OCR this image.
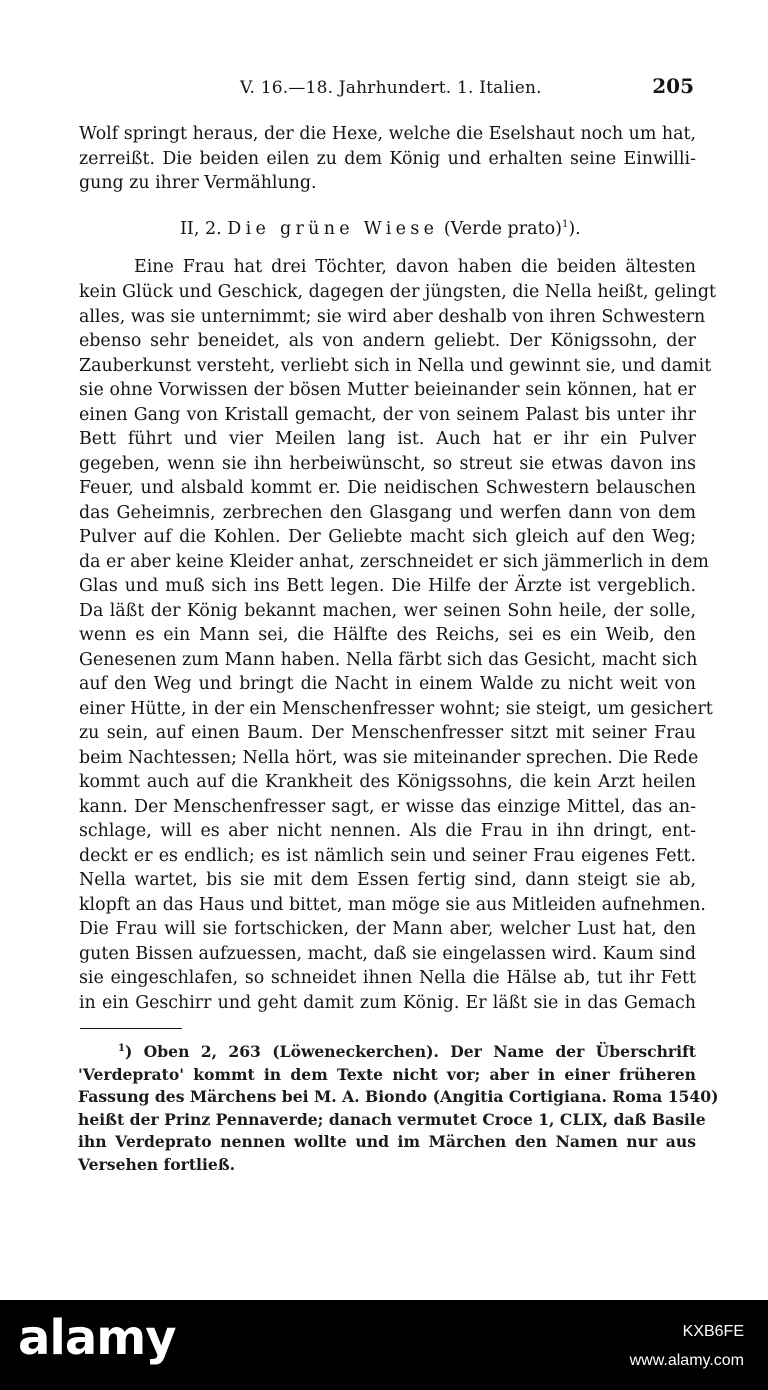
V. 16.—18. Jahrhundert. 1. Italien.	205
Wolf springt heraus, der die Hexe, welche die Eselshaut noch um hat,
zerreißt. Die beiden eilen zu dem König und erhalten seine Einwilli-
gung zu ihrer Vermählung.
II, 2. Die grüne Wiese (Verde prato)$^1$).
Eine Frau hat drei Töchter, davon haben die beiden ältesten
kein Glück und Geschick, dagegen der jüngsten, die Nella heißt, gelingt
alles, was sie unternimmt; sie wird aber deshalb von ihren Schwestern
ebenso sehr beneidet, als von andern geliebt. Der Königssohn, der
Zauberkunst versteht, verliebt sich in Nella und gewinnt sie, und damit
sie ohne Vorwissen der bösen Mutter beieinander sein können, hat er
einen Gang von Kristall gemacht, der von seinem Palast bis unter ihr
Bett führt und vier Meilen lang ist. Auch hat er ihr ein Pulver
gegeben, wenn sie ihn herbeiwünscht, so streut sie etwas davon ins
Feuer, und alsbald kommt er. Die neidischen Schwestern belauschen
das Geheimnis, zerbrechen den Glasgang und werfen dann von dem
Pulver auf die Kohlen. Der Geliebte macht sich gleich auf den Weg;
da er aber keine Kleider anhat, zerschneidet er sich jämmerlich in dem
Glas und muß sich ins Bett legen. Die Hilfe der Ärzte ist vergeblich.
Da läßt der König bekannt machen, wer seinen Sohn heile, der solle,
wenn es ein Mann sei, die Hälfte des Reichs, sei es ein Weib, den
Genesenen zum Mann haben. Nella färbt sich das Gesicht, macht sich
auf den Weg und bringt die Nacht in einem Walde zu nicht weit von
einer Hütte, in der ein Menschenfresser wohnt; sie steigt, um gesichert
zu sein, auf einen Baum. Der Menschenfresser sitzt mit seiner Frau
beim Nachtessen; Nella hört, was sie miteinander sprechen. Die Rede
kommt auch auf die Krankheit des Königssohns, die kein Arzt heilen
kann. Der Menschenfresser sagt, er wisse das einzige Mittel, das an-
schlage, will es aber nicht nennen. Als die Frau in ihn dringt, ent-
deckt er es endlich; es ist nämlich sein und seiner Frau eigenes Fett.
Nella wartet, bis sie mit dem Essen fertig sind, dann steigt sie ab,
klopft an das Haus und bittet, man möge sie aus Mitleiden aufnehmen.
Die Frau will sie fortschicken, der Mann aber, welcher Lust hat, den
guten Bissen aufzuessen, macht, daß sie eingelassen wird. Kaum sind
sie eingeschlafen, so schneidet ihnen Nella die Hälse ab, tut ihr Fett
in ein Geschirr und geht damit zum König. Er läßt sie in das Gemach
$^1$) Oben 2, 263 (Löweneckerchen). Der Name der Überschrift
'Verdeprato' kommt in dem Texte nicht vor; aber in einer früheren
Fassung des Märchens bei M. A. Biondo (Angitia Cortigiana. Roma 1540)
heißt der Prinz Pennaverde; danach vermutet Croce 1, CLIX, daß Basile
ihn Verdeprato nennen wollte und im Märchen den Namen nur aus
Versehen fortließ.
alamy	KXB6FE
www.alamy.com
